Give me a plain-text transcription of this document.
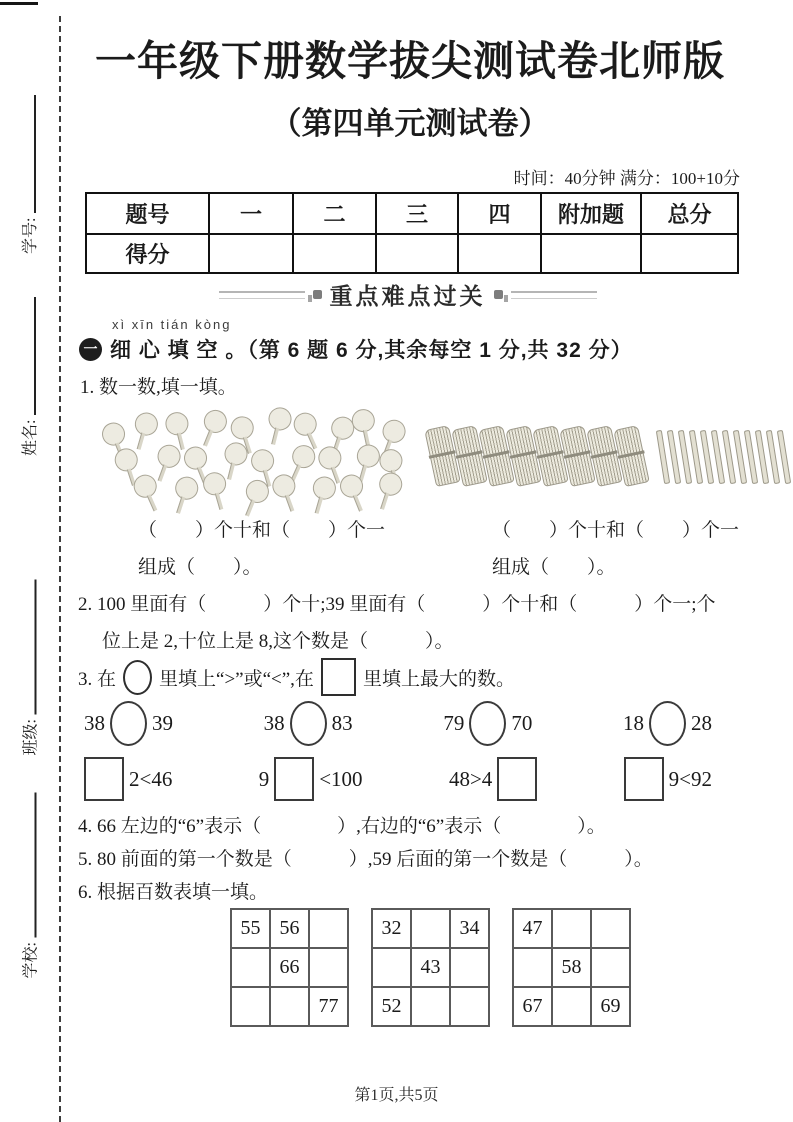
学号:
姓名:
班级:
学校:
一年级下册数学拔尖测试卷北师版
（第四单元测试卷）
时间：40分钟 满分：100+10分
题号	一	二	三	四	附加题	总分
得分						
重点难点过关
xì xīn tián kòng
一 细 心 填 空 。（第 6 题 6 分,其余每空 1 分,共 32 分）
1. 数一数,填一填。
（　　）个十和（　　）个一
组成（　　）。
（　　）个十和（　　）个一
组成（　　）。
2. 100 里面有（　　　）个十;39 里面有（　　　）个十和（　　　）个一;个
位上是 2,十位上是 8,这个数是（　　　）。
3. 在 里填上“>”或“<”,在	里填上最大的数。
38 39	38 83	79 70	18 28
2<46	9 <100	48>4	9<92
4. 66 左边的“6”表示（　　　　）,右边的“6”表示（　　　　）。
5. 80 前面的第一个数是（　　　）,59 后面的第一个数是（　　　）。
6. 根据百数表填一填。
55	56	
	66	
		77
32		34
	43	
52		
47		
	58	
67		69
第1页,共5页
